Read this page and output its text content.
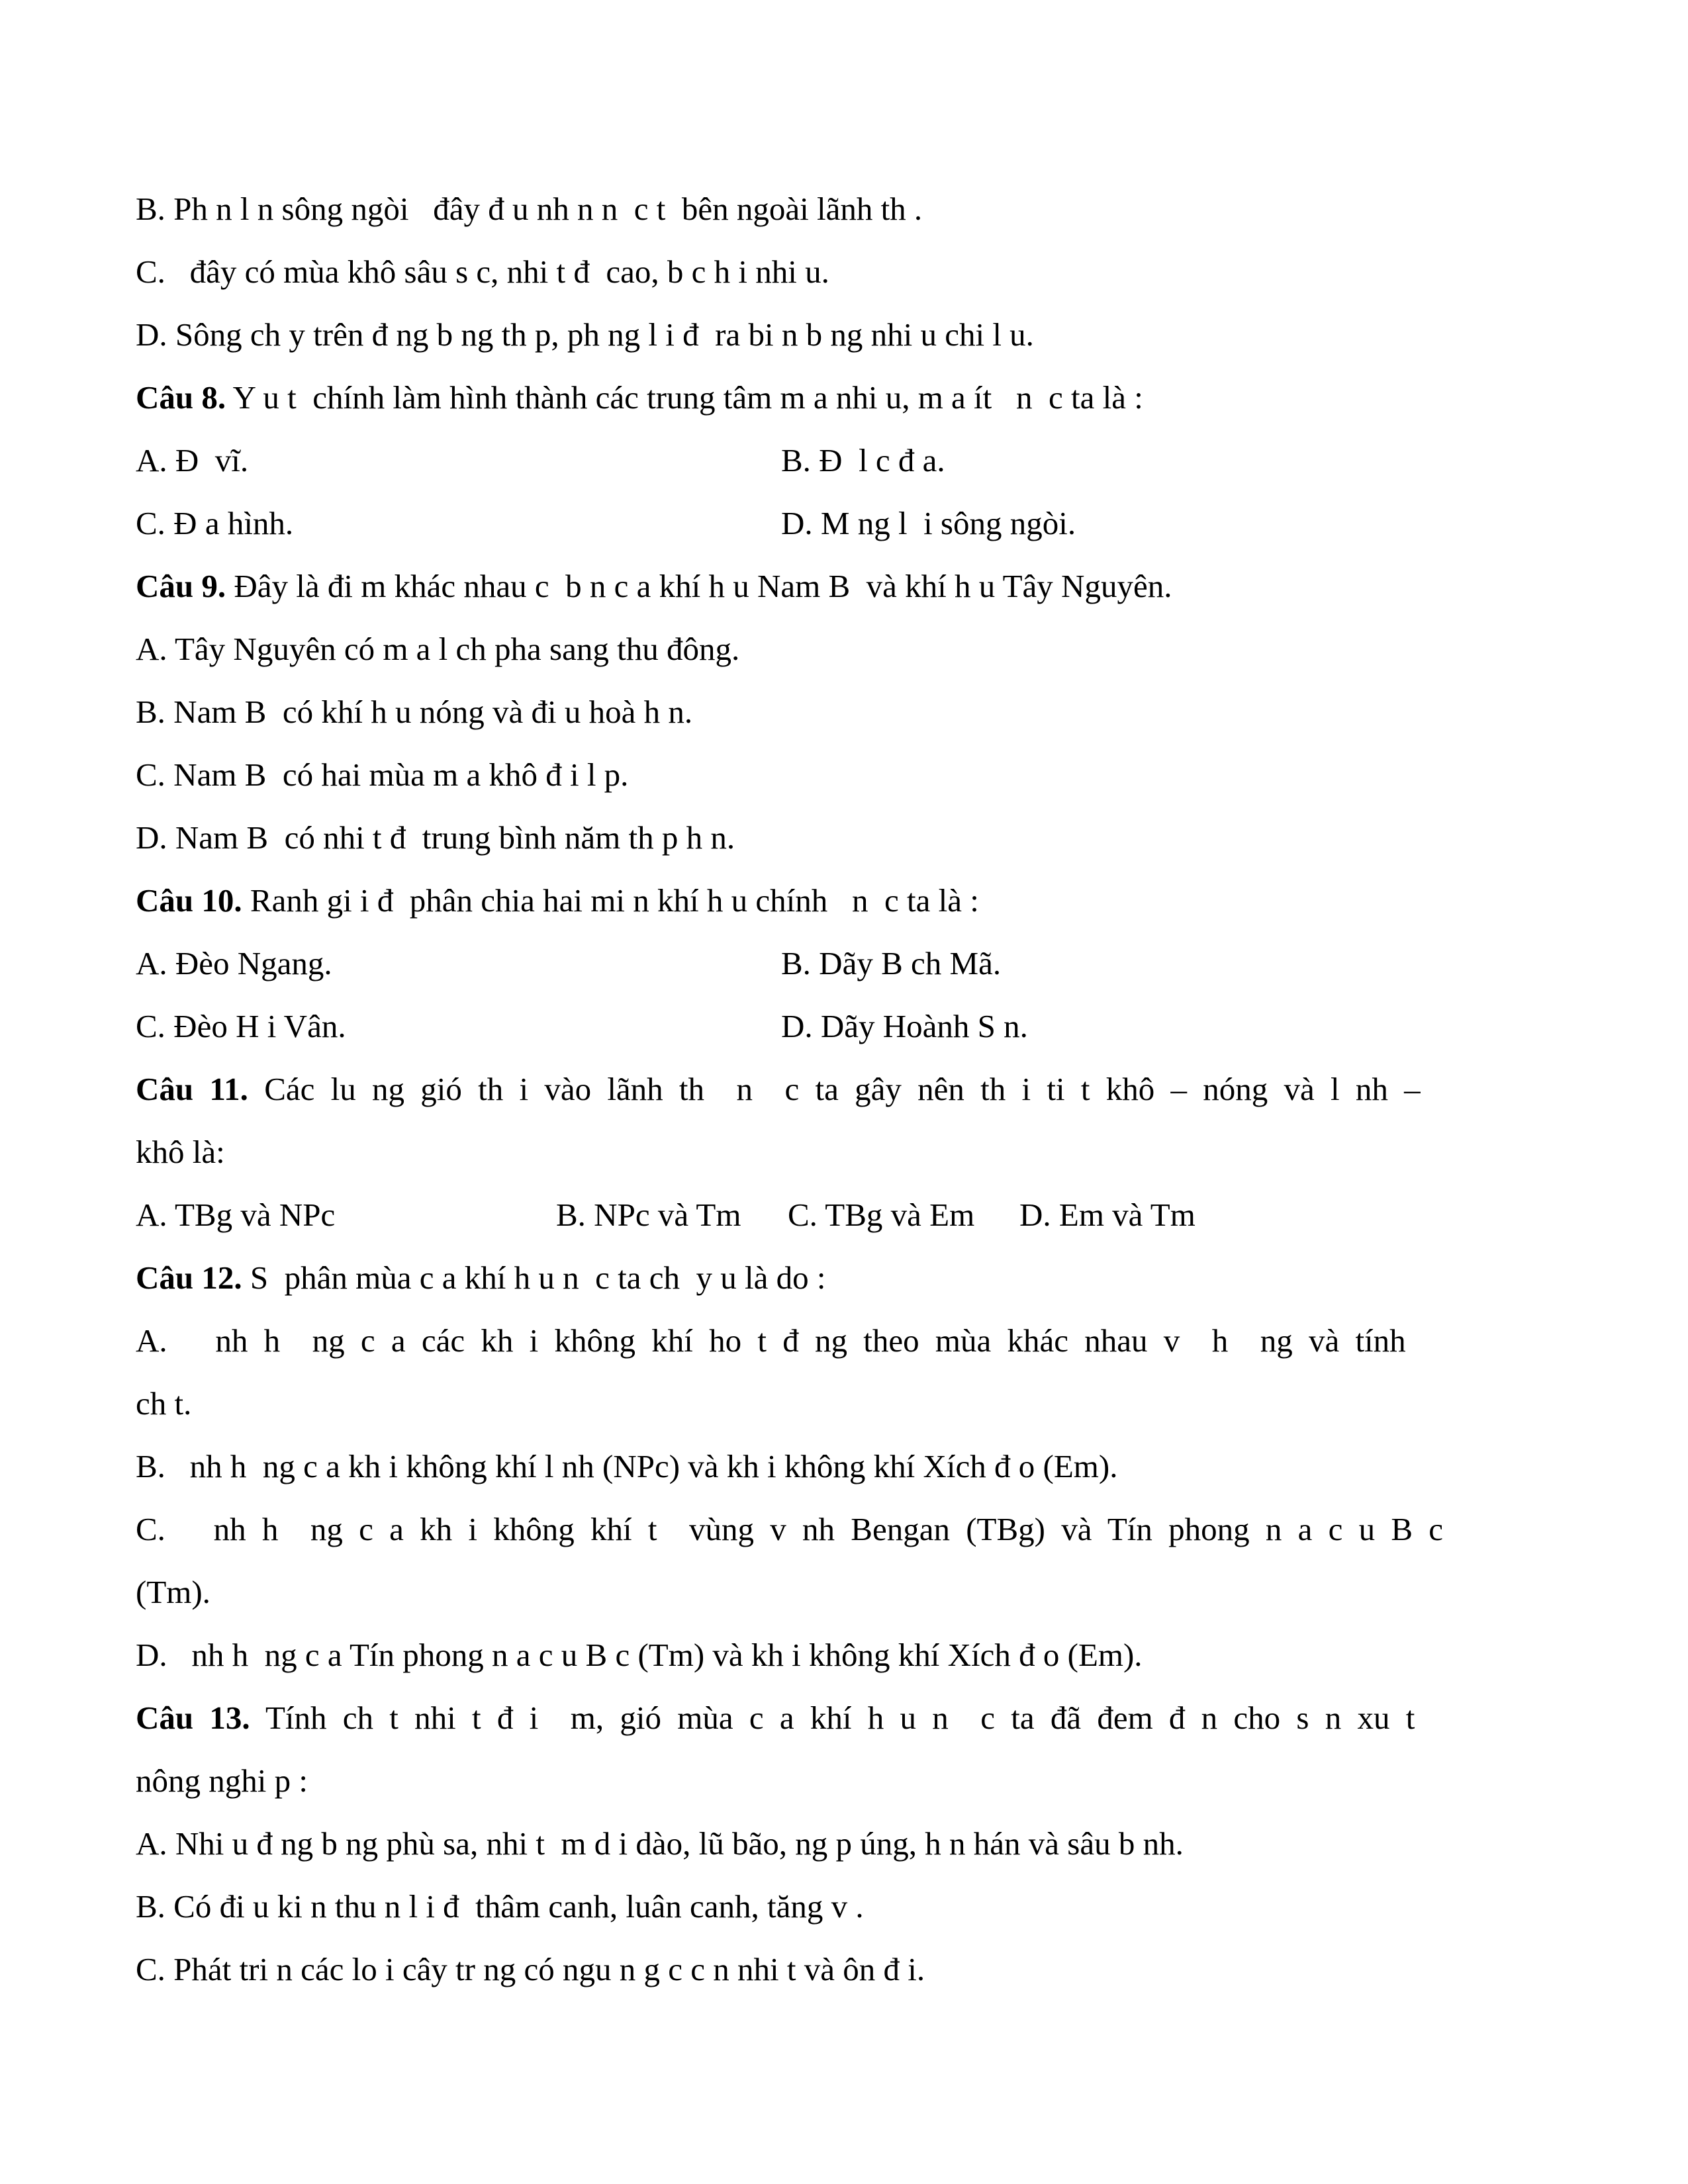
B. Ph n l n sông ngòi   đây đ u nh n n  c t  bên ngoài lãnh th .
C.   đây có mùa khô sâu s c, nhi t đ  cao, b c h i nhi u.
D. Sông ch y trên đ ng b ng th p, ph ng l i đ  ra bi n b ng nhi u chi l u.
Câu 8. Y u t  chính làm hình thành các trung tâm m a nhi u, m a ít   n  c ta là :
A. Đ  vĩ.	B. Đ  l c đ a.
C. Đ a hình.	D. M ng l  i sông ngòi.
Câu 9. Đây là đi m khác nhau c  b n c a khí h u Nam B  và khí h u Tây Nguyên.
A. Tây Nguyên có m a l ch pha sang thu đông.
B. Nam B  có khí h u nóng và đi u hoà h n.
C. Nam B  có hai mùa m a khô đ i l p.
D. Nam B  có nhi t đ  trung bình năm th p h n.
Câu 10. Ranh gi i đ  phân chia hai mi n khí h u chính   n  c ta là :
A. Đèo Ngang.	B. Dãy B ch Mã.
C. Đèo H i Vân.	D. Dãy Hoành S n.
Câu 11. Các lu ng gió th i vào lãnh th  n  c ta gây nên th i ti t khô – nóng và l nh –
khô là:
A. TBg và NPc	B. NPc và Tm C. TBg và Em D. Em và Tm
Câu 12. S  phân mùa c a khí h u n  c ta ch  y u là do :
A.   nh h  ng c a các kh i không khí ho t đ ng theo mùa khác nhau v  h  ng và tính
ch t.
B.   nh h  ng c a kh i không khí l nh (NPc) và kh i không khí Xích đ o (Em).
C.   nh h  ng c a kh i không khí t  vùng v nh Bengan (TBg) và Tín phong n a c u B c
(Tm).
D.   nh h  ng c a Tín phong n a c u B c (Tm) và kh i không khí Xích đ o (Em).
Câu 13. Tính ch t nhi t đ i  m, gió mùa c a khí h u n  c ta đã đem đ n cho s n xu t
nông nghi p :
A. Nhi u đ ng b ng phù sa, nhi t  m d i dào, lũ bão, ng p úng, h n hán và sâu b nh.
B. Có đi u ki n thu n l i đ  thâm canh, luân canh, tăng v .
C. Phát tri n các lo i cây tr ng có ngu n g c c n nhi t và ôn đ i.
